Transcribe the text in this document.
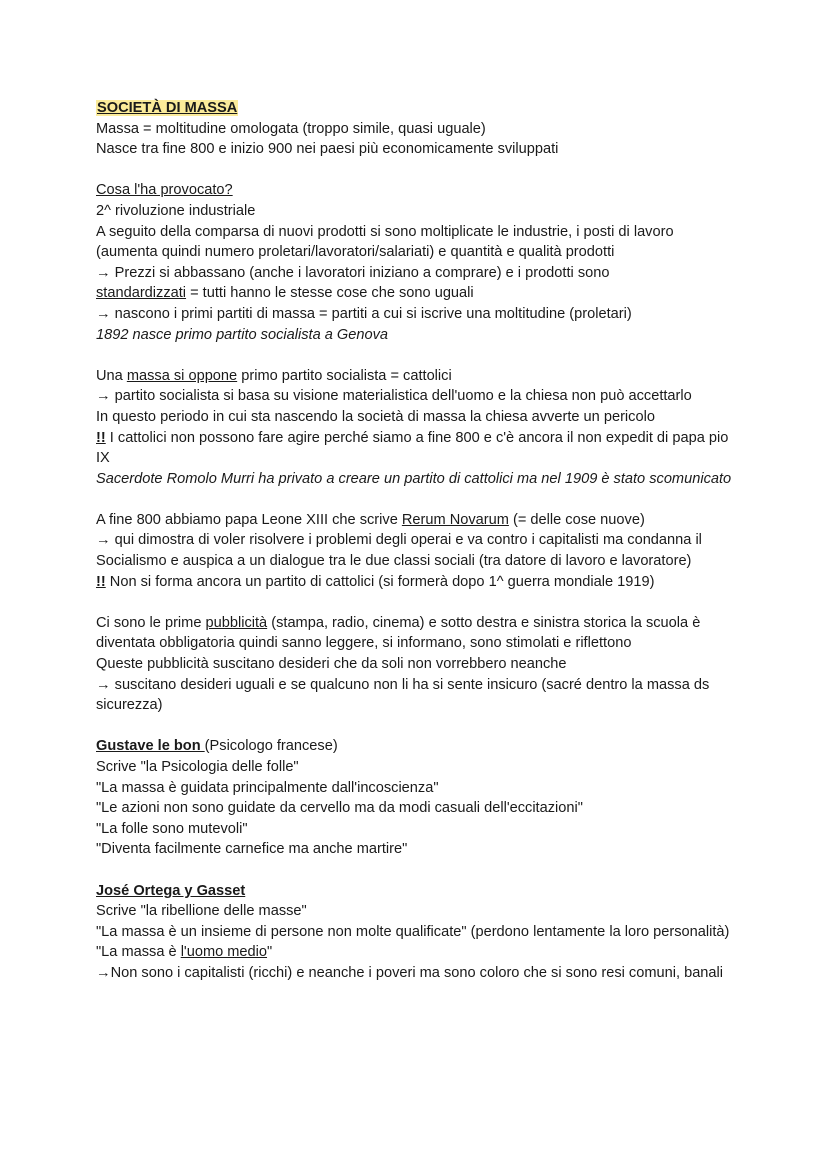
SOCIETÀ DI MASSA
Massa = moltitudine omologata (troppo simile, quasi uguale)
Nasce tra fine 800 e inizio 900 nei paesi più economicamente sviluppati
Cosa l'ha provocato?
2^ rivoluzione industriale
A seguito della comparsa di nuovi prodotti si sono moltiplicate le industrie, i posti di lavoro (aumenta quindi numero proletari/lavoratori/salariati) e quantità e qualità prodotti
→ Prezzi si abbassano (anche i lavoratori iniziano a comprare) e i prodotti sono
standardizzati = tutti hanno le stesse cose che sono uguali
→ nascono i primi partiti di massa = partiti a cui si iscrive una moltitudine (proletari)
1892 nasce primo partito socialista a Genova
Una massa si oppone primo partito socialista = cattolici
→ partito socialista si basa su visione materialistica dell'uomo e la chiesa non può accettarlo
In questo periodo in cui sta nascendo la società di massa la chiesa avverte un pericolo
!! I cattolici non possono fare agire perché siamo a fine 800 e c'è ancora il non expedit di papa pio IX
Sacerdote Romolo Murri ha privato a creare un partito di cattolici ma nel 1909 è stato scomunicato
A fine 800 abbiamo papa Leone XIII che scrive Rerum Novarum (= delle cose nuove)
→ qui dimostra di voler risolvere i problemi degli operai e va contro i capitalisti ma condanna il Socialismo e auspica a un dialogue tra le due classi sociali (tra datore di lavoro e lavoratore)
!! Non si forma ancora un partito di cattolici (si formerà dopo 1^ guerra mondiale 1919)
Ci sono le prime pubblicità (stampa, radio, cinema) e sotto destra e sinistra storica la scuola è diventata obbligatoria quindi sanno leggere, si informano, sono stimolati e riflettono
Queste pubblicità suscitano desideri che da soli non vorrebbero neanche
→ suscitano desideri uguali e se qualcuno non li ha si sente insicuro (sacré dentro la massa ds sicurezza)
Gustave le bon (Psicologo francese)
Scrive "la Psicologia delle folle"
"La massa è guidata principalmente dall'incoscienza"
"Le azioni non sono guidate da cervello ma da modi casuali dell'eccitazioni"
"La folle sono mutevoli"
"Diventa facilmente carnefice ma anche martire"
José Ortega y Gasset
Scrive "la ribellione delle masse"
"La massa è un insieme di persone non molte qualificate" (perdono lentamente la loro personalità)
"La massa è l'uomo medio"
→Non sono i capitalisti (ricchi) e neanche i poveri ma sono coloro che si sono resi comuni, banali
